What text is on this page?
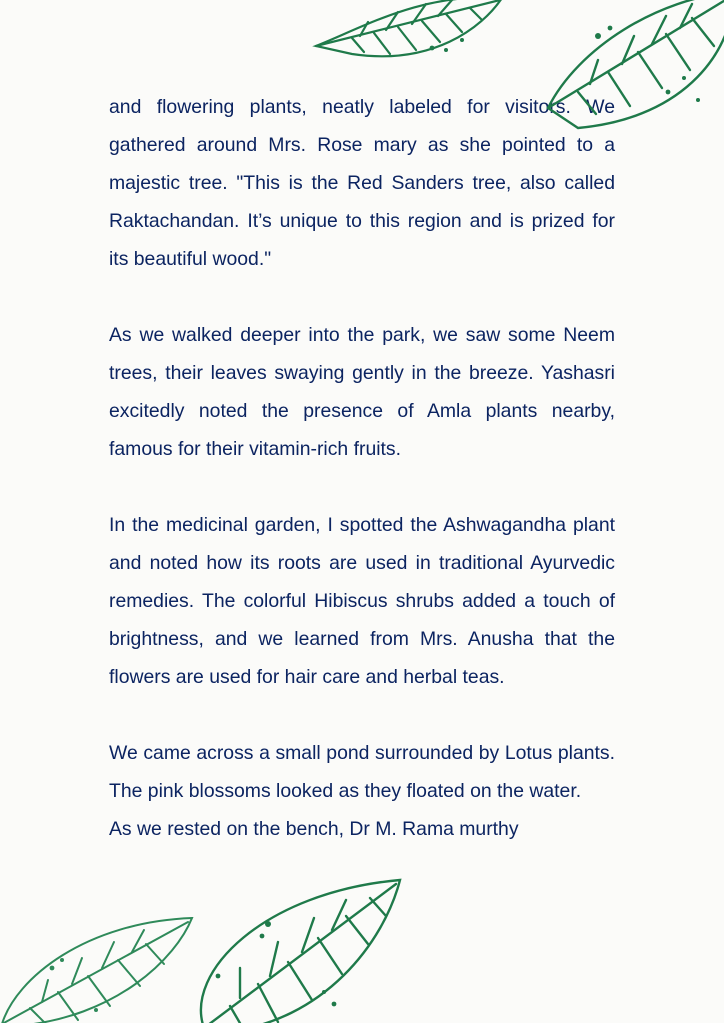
and flowering plants, neatly labeled for visitors. We gathered around Mrs. Rose mary as she pointed to a majestic tree. "This is the Red Sanders tree, also called Raktachandan. It’s unique to this region and is prized for its beautiful wood."

As we walked deeper into the park, we saw some Neem trees, their leaves swaying gently in the breeze. Yashasri excitedly noted the presence of Amla plants nearby, famous for their vitamin-rich fruits.

In the medicinal garden, I spotted the Ashwagandha plant and noted how its roots are used in traditional Ayurvedic remedies. The colorful Hibiscus shrubs added a touch of brightness, and we learned from Mrs. Anusha that the flowers are used for hair care and herbal teas.

We came across a small pond surrounded by Lotus plants. The pink blossoms looked as they floated on the water.

As we rested on the bench, Dr M. Rama murthy
